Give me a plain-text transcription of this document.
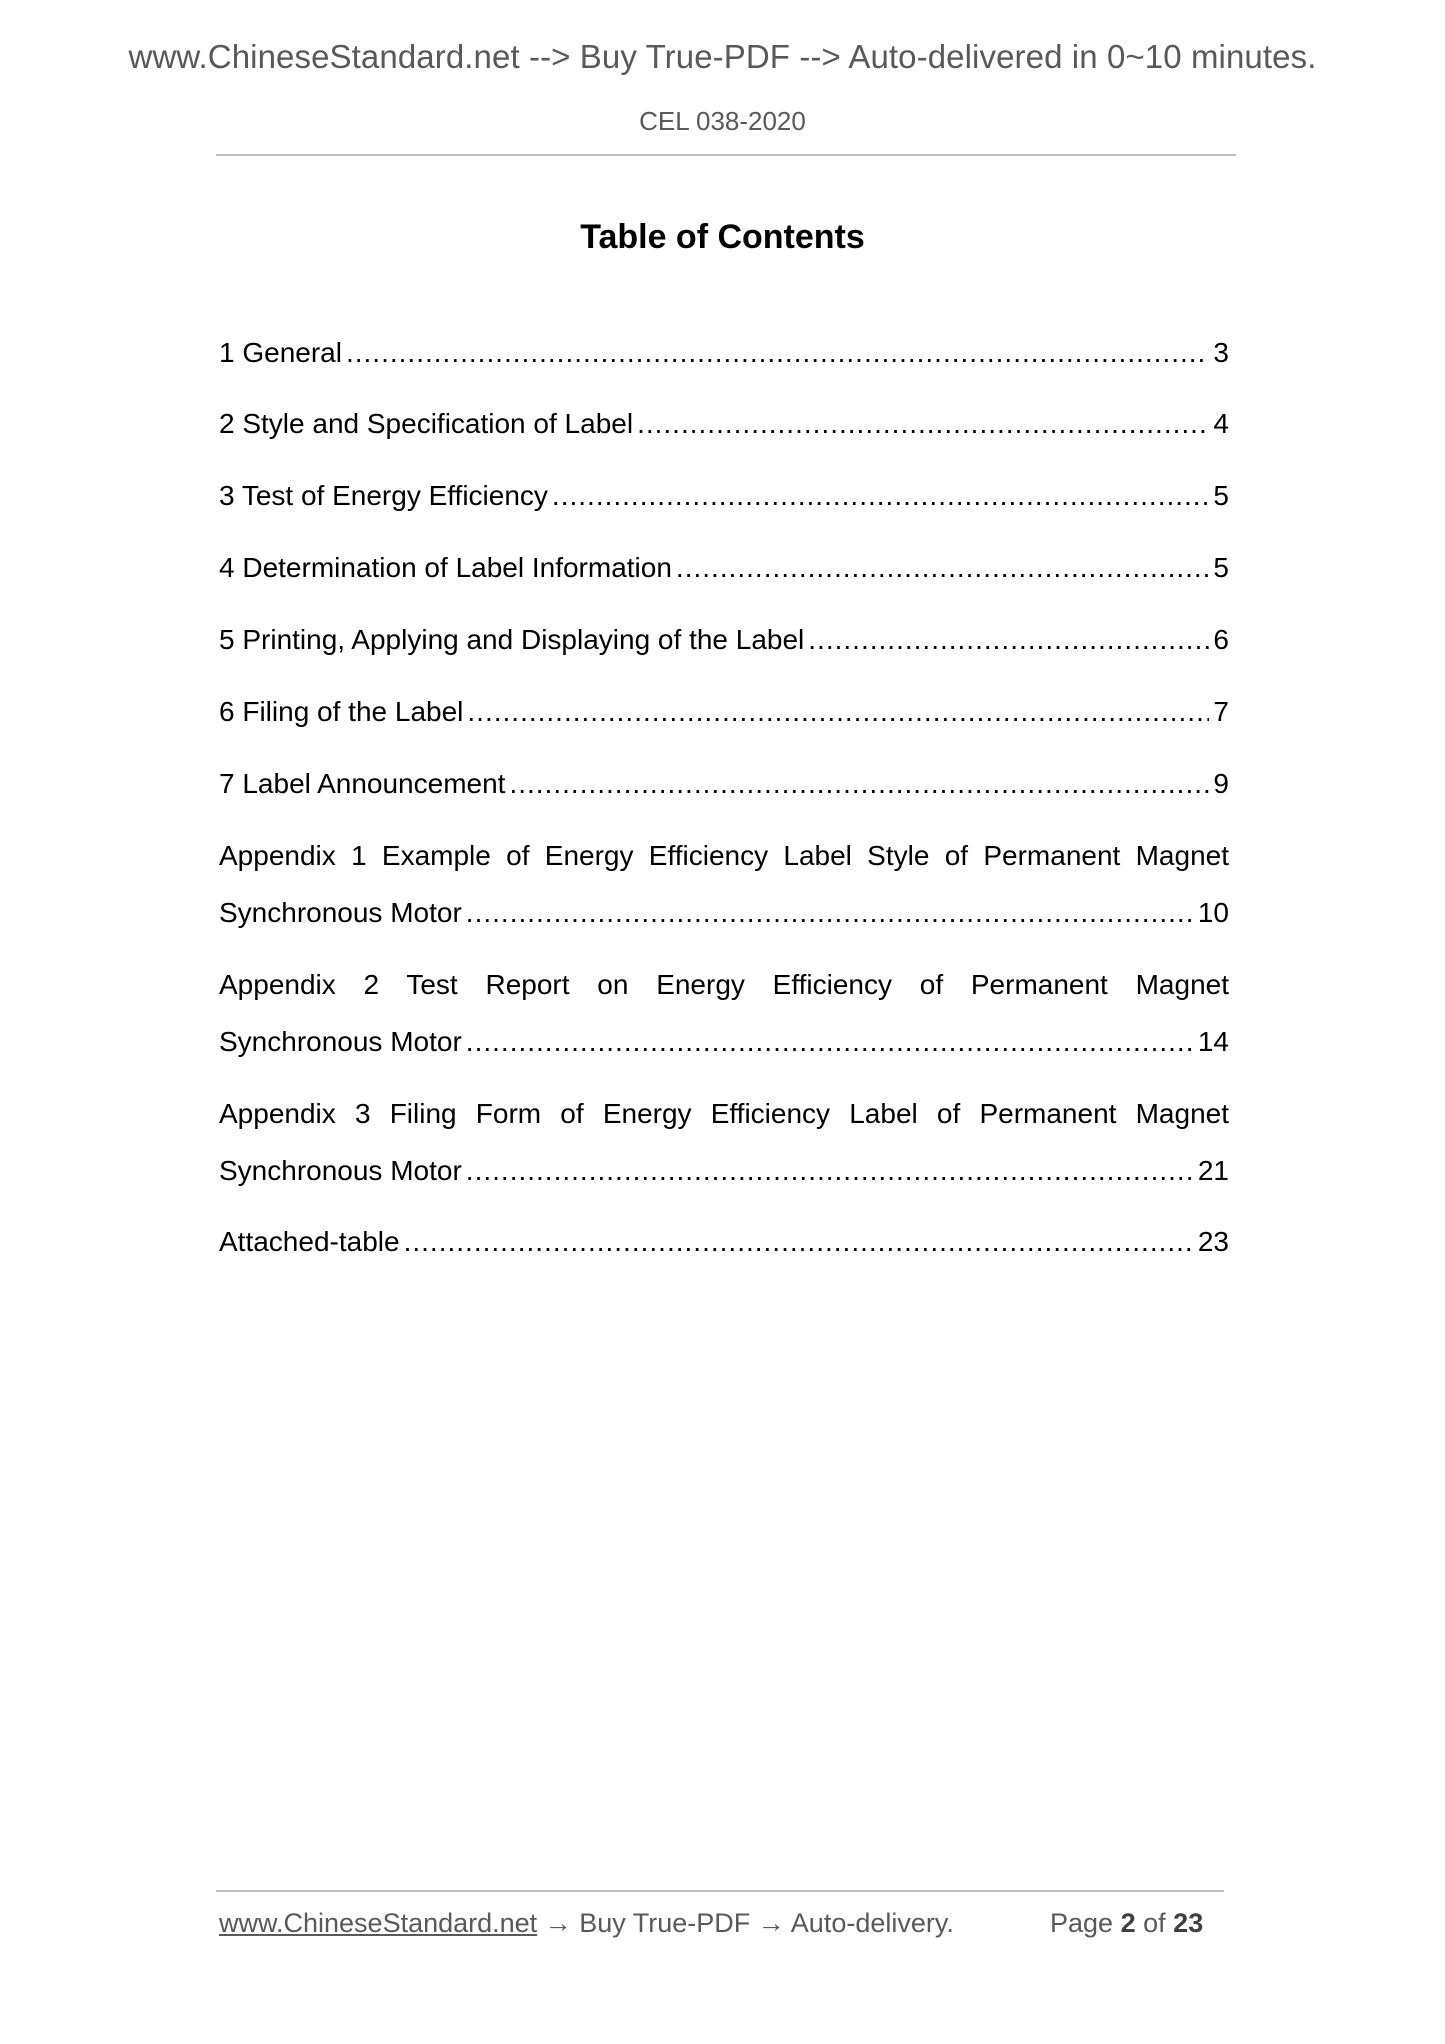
www.ChineseStandard.net --> Buy True-PDF --> Auto-delivered in 0~10 minutes.
CEL 038-2020
Table of Contents
1 General .....	3
2 Style and Specification of Label .....	4
3 Test of Energy Efficiency .....	5
4 Determination of Label Information .....	5
5 Printing, Applying and Displaying of the Label .....	6
6 Filing of the Label .....	7
7 Label Announcement .....	9
Appendix 1 Example of Energy Efficiency Label Style of Permanent Magnet
Synchronous Motor .....	10
Appendix 2 Test Report on Energy Efficiency of Permanent Magnet
Synchronous Motor .....	14
Appendix 3 Filing Form of Energy Efficiency Label of Permanent Magnet
Synchronous Motor .....	21
Attached-table .....	23
www.ChineseStandard.net → Buy True-PDF → Auto-delivery.	Page 2 of 23
